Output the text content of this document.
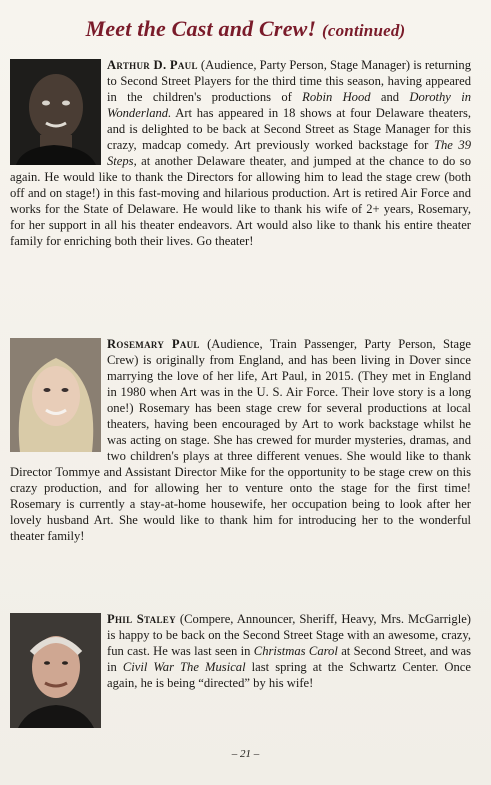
Meet the Cast and Crew! (continued)
Arthur D. Paul (Audience, Party Person, Stage Manager) is returning to Second Street Players for the third time this season, having appeared in the children's productions of Robin Hood and Dorothy in Wonderland. Art has appeared in 18 shows at four Delaware theaters, and is delighted to be back at Second Street as Stage Manager for this crazy, madcap comedy. Art previously worked backstage for The 39 Steps, at another Delaware theater, and jumped at the chance to do so again. He would like to thank the Directors for allowing him to lead the stage crew (both off and on stage!) in this fast-moving and hilarious production. Art is retired Air Force and works for the State of Delaware. He would like to thank his wife of 2+ years, Rosemary, for her support in all his theater endeavors. Art would also like to thank his entire theater family for enriching both their lives. Go theater!
Rosemary Paul (Audience, Train Passenger, Party Person, Stage Crew) is originally from England, and has been living in Dover since marrying the love of her life, Art Paul, in 2015. (They met in England in 1980 when Art was in the U. S. Air Force. Their love story is a long one!) Rosemary has been stage crew for several productions at local theaters, having been encouraged by Art to work backstage whilst he was acting on stage. She has crewed for murder mysteries, dramas, and two children's plays at three different venues. She would like to thank Director Tommye and Assistant Director Mike for the opportunity to be stage crew on this crazy production, and for allowing her to venture onto the stage for the first time! Rosemary is currently a stay-at-home housewife, her occupation being to look after her lovely husband Art. She would like to thank him for introducing her to the wonderful theater family!
Phil Staley (Compere, Announcer, Sheriff, Heavy, Mrs. McGarrigle) is happy to be back on the Second Street Stage with an awesome, crazy, fun cast. He was last seen in Christmas Carol at Second Street, and was in Civil War The Musical last spring at the Schwartz Center. Once again, he is being “directed” by his wife!
– 21 –
